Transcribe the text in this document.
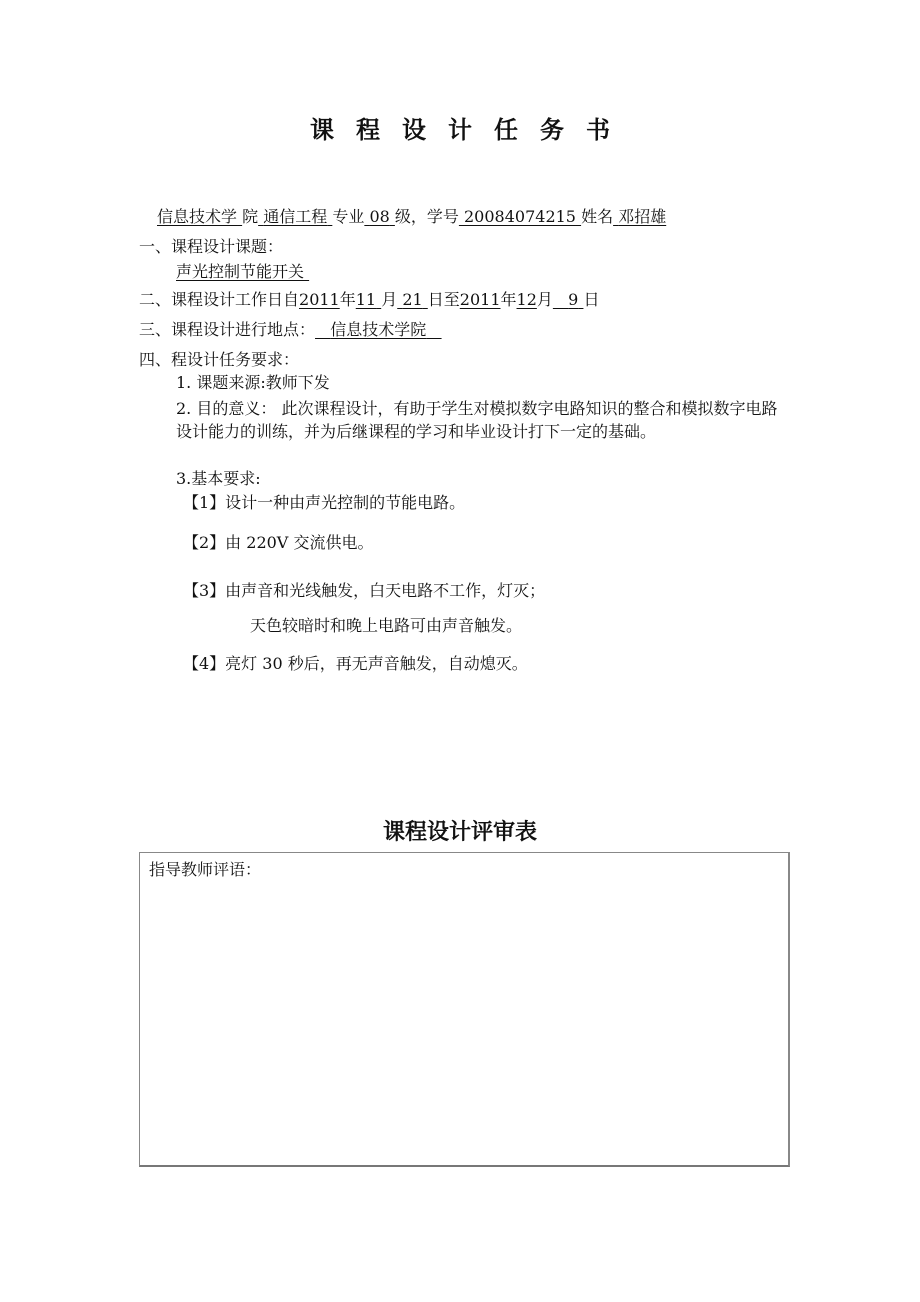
课程设计任务书
信息技术学 院 通信工程 专业 08 级，学号 20084074215 姓名 邓招雄
一、课程设计课题：
声光控制节能开关
二、课程设计工作日自2011年11 月 21 日至2011年12月 9 日
三、课程设计进行地点： 信息技术学院
四、程设计任务要求：
1. 课题来源:教师下发
2. 目的意义： 此次课程设计，有助于学生对模拟数字电路知识的整合和模拟数字电路设计能力的训练，并为后继课程的学习和毕业设计打下一定的基础。
3.基本要求:
【1】设计一种由声光控制的节能电路。
【2】由 220V 交流供电。
【3】由声音和光线触发，白天电路不工作，灯灭；
天色较暗时和晚上电路可由声音触发。
【4】亮灯 30 秒后，再无声音触发，自动熄灭。
课程设计评审表
指导教师评语：
